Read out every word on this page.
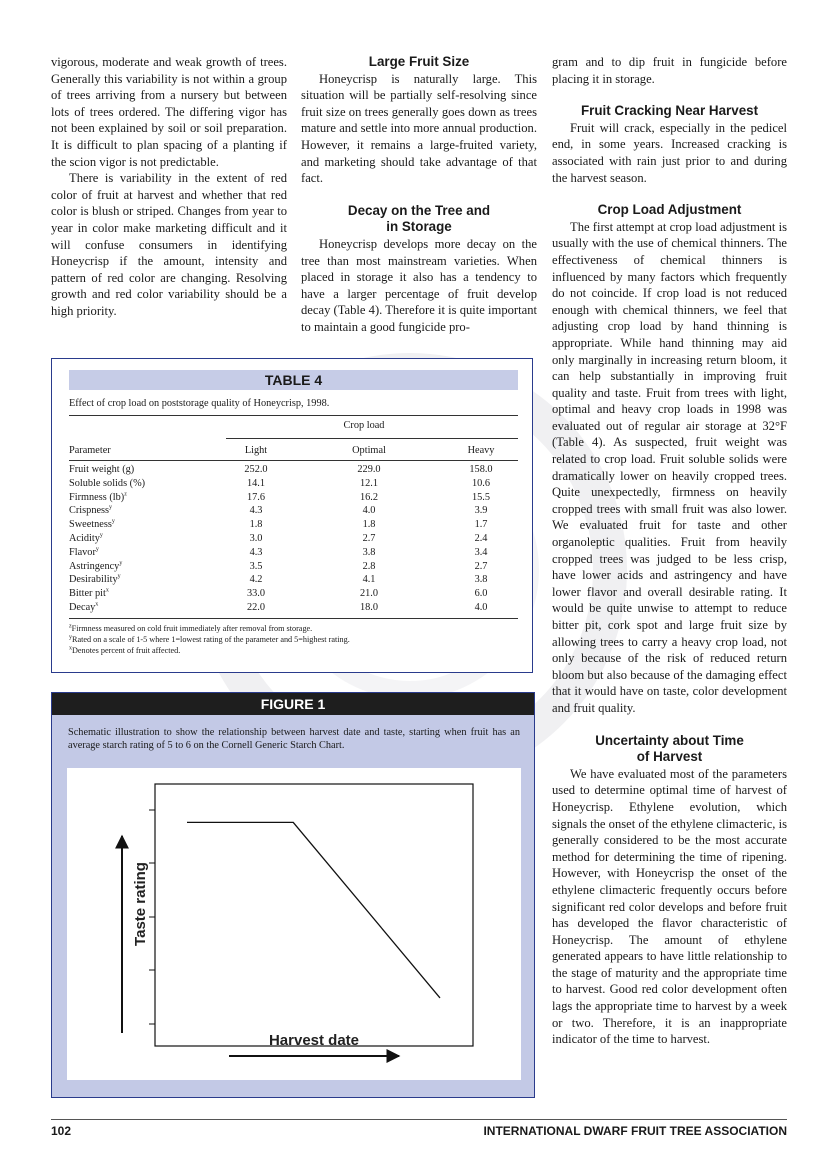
vigorous, moderate and weak growth of trees. Generally this variability is not within a group of trees arriving from a nursery but between lots of trees ordered. The differing vigor has not been explained by soil or soil preparation. It is difficult to plan spacing of a planting if the scion vigor is not predictable.

There is variability in the extent of red color of fruit at harvest and whether that red color is blush or striped. Changes from year to year in color make marketing difficult and it will confuse consumers in identifying Honeycrisp if the amount, intensity and pattern of red color are changing. Resolving growth and red color variability should be a high priority.

Large Fruit Size

Honeycrisp is naturally large. This situation will be partially self-resolving since fruit size on trees generally goes down as trees mature and settle into more annual production. However, it remains a large-fruited variety, and marketing should take advantage of that fact.

Decay on the Tree and in Storage

Honeycrisp develops more decay on the tree than most mainstream varieties. When placed in storage it also has a tendency to have a larger percentage of fruit develop decay (Table 4). Therefore it is quite important to maintain a good fungicide pro-

gram and to dip fruit in fungicide before placing it in storage.

Fruit Cracking Near Harvest

Fruit will crack, especially in the pedicel end, in some years. Increased cracking is associated with rain just prior to and during the harvest season.

Crop Load Adjustment

The first attempt at crop load adjustment is usually with the use of chemical thinners. The effectiveness of chemical thinners is influenced by many factors which frequently do not coincide. If crop load is not reduced enough with chemical thinners, we feel that adjusting crop load by hand thinning is appropriate. While hand thinning may aid only marginally in increasing return bloom, it can help substantially in improving fruit quality and taste. Fruit from trees with light, optimal and heavy crop loads in 1998 was evaluated out of regular air storage at 32°F (Table 4). As suspected, fruit weight was related to crop load. Fruit soluble solids were dramatically lower on heavily cropped trees. Quite unexpectedly, firmness on heavily cropped trees with small fruit was also lower. We evaluated fruit for taste and other organoleptic qualities. Fruit from heavily cropped trees was judged to be less crisp, have lower acids and astringency and have lower flavor and overall desirable rating. It would be quite unwise to attempt to reduce bitter pit, cork spot and large fruit size by allowing trees to carry a heavy crop load, not only because of the risk of reduced return bloom but also because of the damaging effect that it would have on taste, color development and fruit quality.

Uncertainty about Time of Harvest

We have evaluated most of the parameters used to determine optimal time of harvest of Honeycrisp. Ethylene evolution, which signals the onset of the ethylene climacteric, is generally considered to be the most accurate method for determining the time of ripening. However, with Honeycrisp the onset of the ethylene climacteric frequently occurs before significant red color develops and before fruit has developed the flavor characteristic of Honeycrisp. The amount of ethylene generated appears to have little relationship to the stage of maturity and the appropriate time to harvest. Good red color development often lags the appropriate time to harvest by a week or two. Therefore, it is an inappropriate indicator of the time to harvest.

TABLE 4
Effect of crop load on poststorage quality of Honeycrisp, 1998.
Crop load
Parameter	Light	Optimal	Heavy
Fruit weight (g)	252.0	229.0	158.0
Soluble solids (%)	14.1	12.1	10.6
Firmness (lb)$^z$	17.6	16.2	15.5
Crispness$^y$	4.3	4.0	3.9
Sweetness$^y$	1.8	1.8	1.7
Acidity$^y$	3.0	2.7	2.4
Flavor$^y$	4.3	3.8	3.4
Astringency$^y$	3.5	2.8	2.7
Desirability$^y$	4.2	4.1	3.8
Bitter pit$^x$	33.0	21.0	6.0
Decay$^x$	22.0	18.0	4.0
$^z$Firmness measured on cold fruit immediately after removal from storage.
$^y$Rated on a scale of 1-5 where 1=lowest rating of the parameter and 5=highest rating.
$^x$Denotes percent of fruit affected.
FIGURE 1
Schematic illustration to show the relationship between harvest date and taste, starting when fruit has an average starch rating of 5 to 6 on the Cornell Generic Starch Chart.
Taste rating
Harvest date
102	INTERNATIONAL DWARF FRUIT TREE ASSOCIATION
